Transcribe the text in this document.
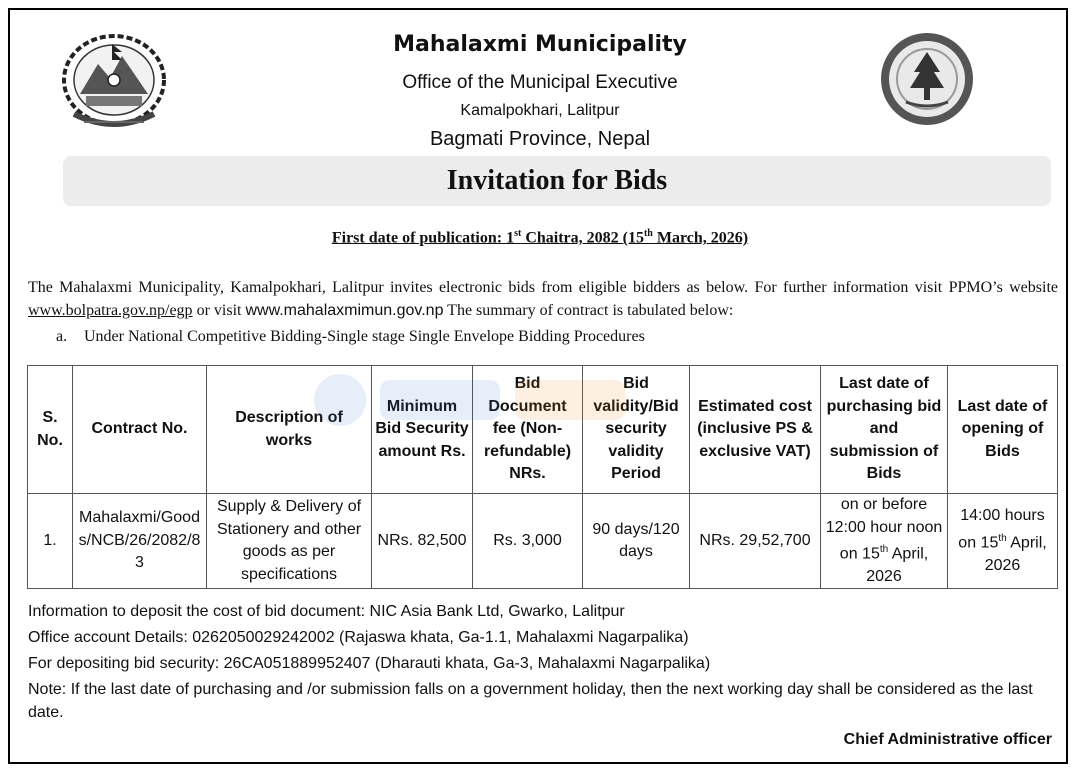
Mahalaxmi Municipality
Office of the Municipal Executive
Kamalpokhari, Lalitpur
Bagmati Province, Nepal
Invitation for Bids
First date of publication: 1st Chaitra, 2082 (15th March, 2026)
The Mahalaxmi Municipality, Kamalpokhari, Lalitpur invites electronic bids from eligible bidders as below. For further information visit PPMO’s website www.bolpatra.gov.np/egp or visit www.mahalaxmimun.gov.np The summary of contract is tabulated below:
a. Under National Competitive Bidding-Single stage Single Envelope Bidding Procedures
S. No.	Contract No.	Description of works	Minimum Bid Security amount Rs.	Bid Document fee (Non-refundable) NRs.	Bid validity/Bid security validity Period	Estimated cost (inclusive PS & exclusive VAT)	Last date of purchasing bid and submission of Bids	Last date of opening of Bids
1.	Mahalaxmi/Goods/NCB/26/2082/83	Supply & Delivery of Stationery and other goods as per specifications	NRs. 82,500	Rs. 3,000	90 days/120 days	NRs. 29,52,700	on or before 12:00 hour noon on 15th April, 2026	14:00 hours on 15th April, 2026
Information to deposit the cost of bid document: NIC Asia Bank Ltd, Gwarko, Lalitpur
Office account Details: 0262050029242002 (Rajaswa khata, Ga-1.1, Mahalaxmi Nagarpalika)
For depositing bid security: 26CA051889952407 (Dharauti khata, Ga-3, Mahalaxmi Nagarpalika)
Note: If the last date of purchasing and /or submission falls on a government holiday, then the next working day shall be considered as the last date.
Chief Administrative officer
